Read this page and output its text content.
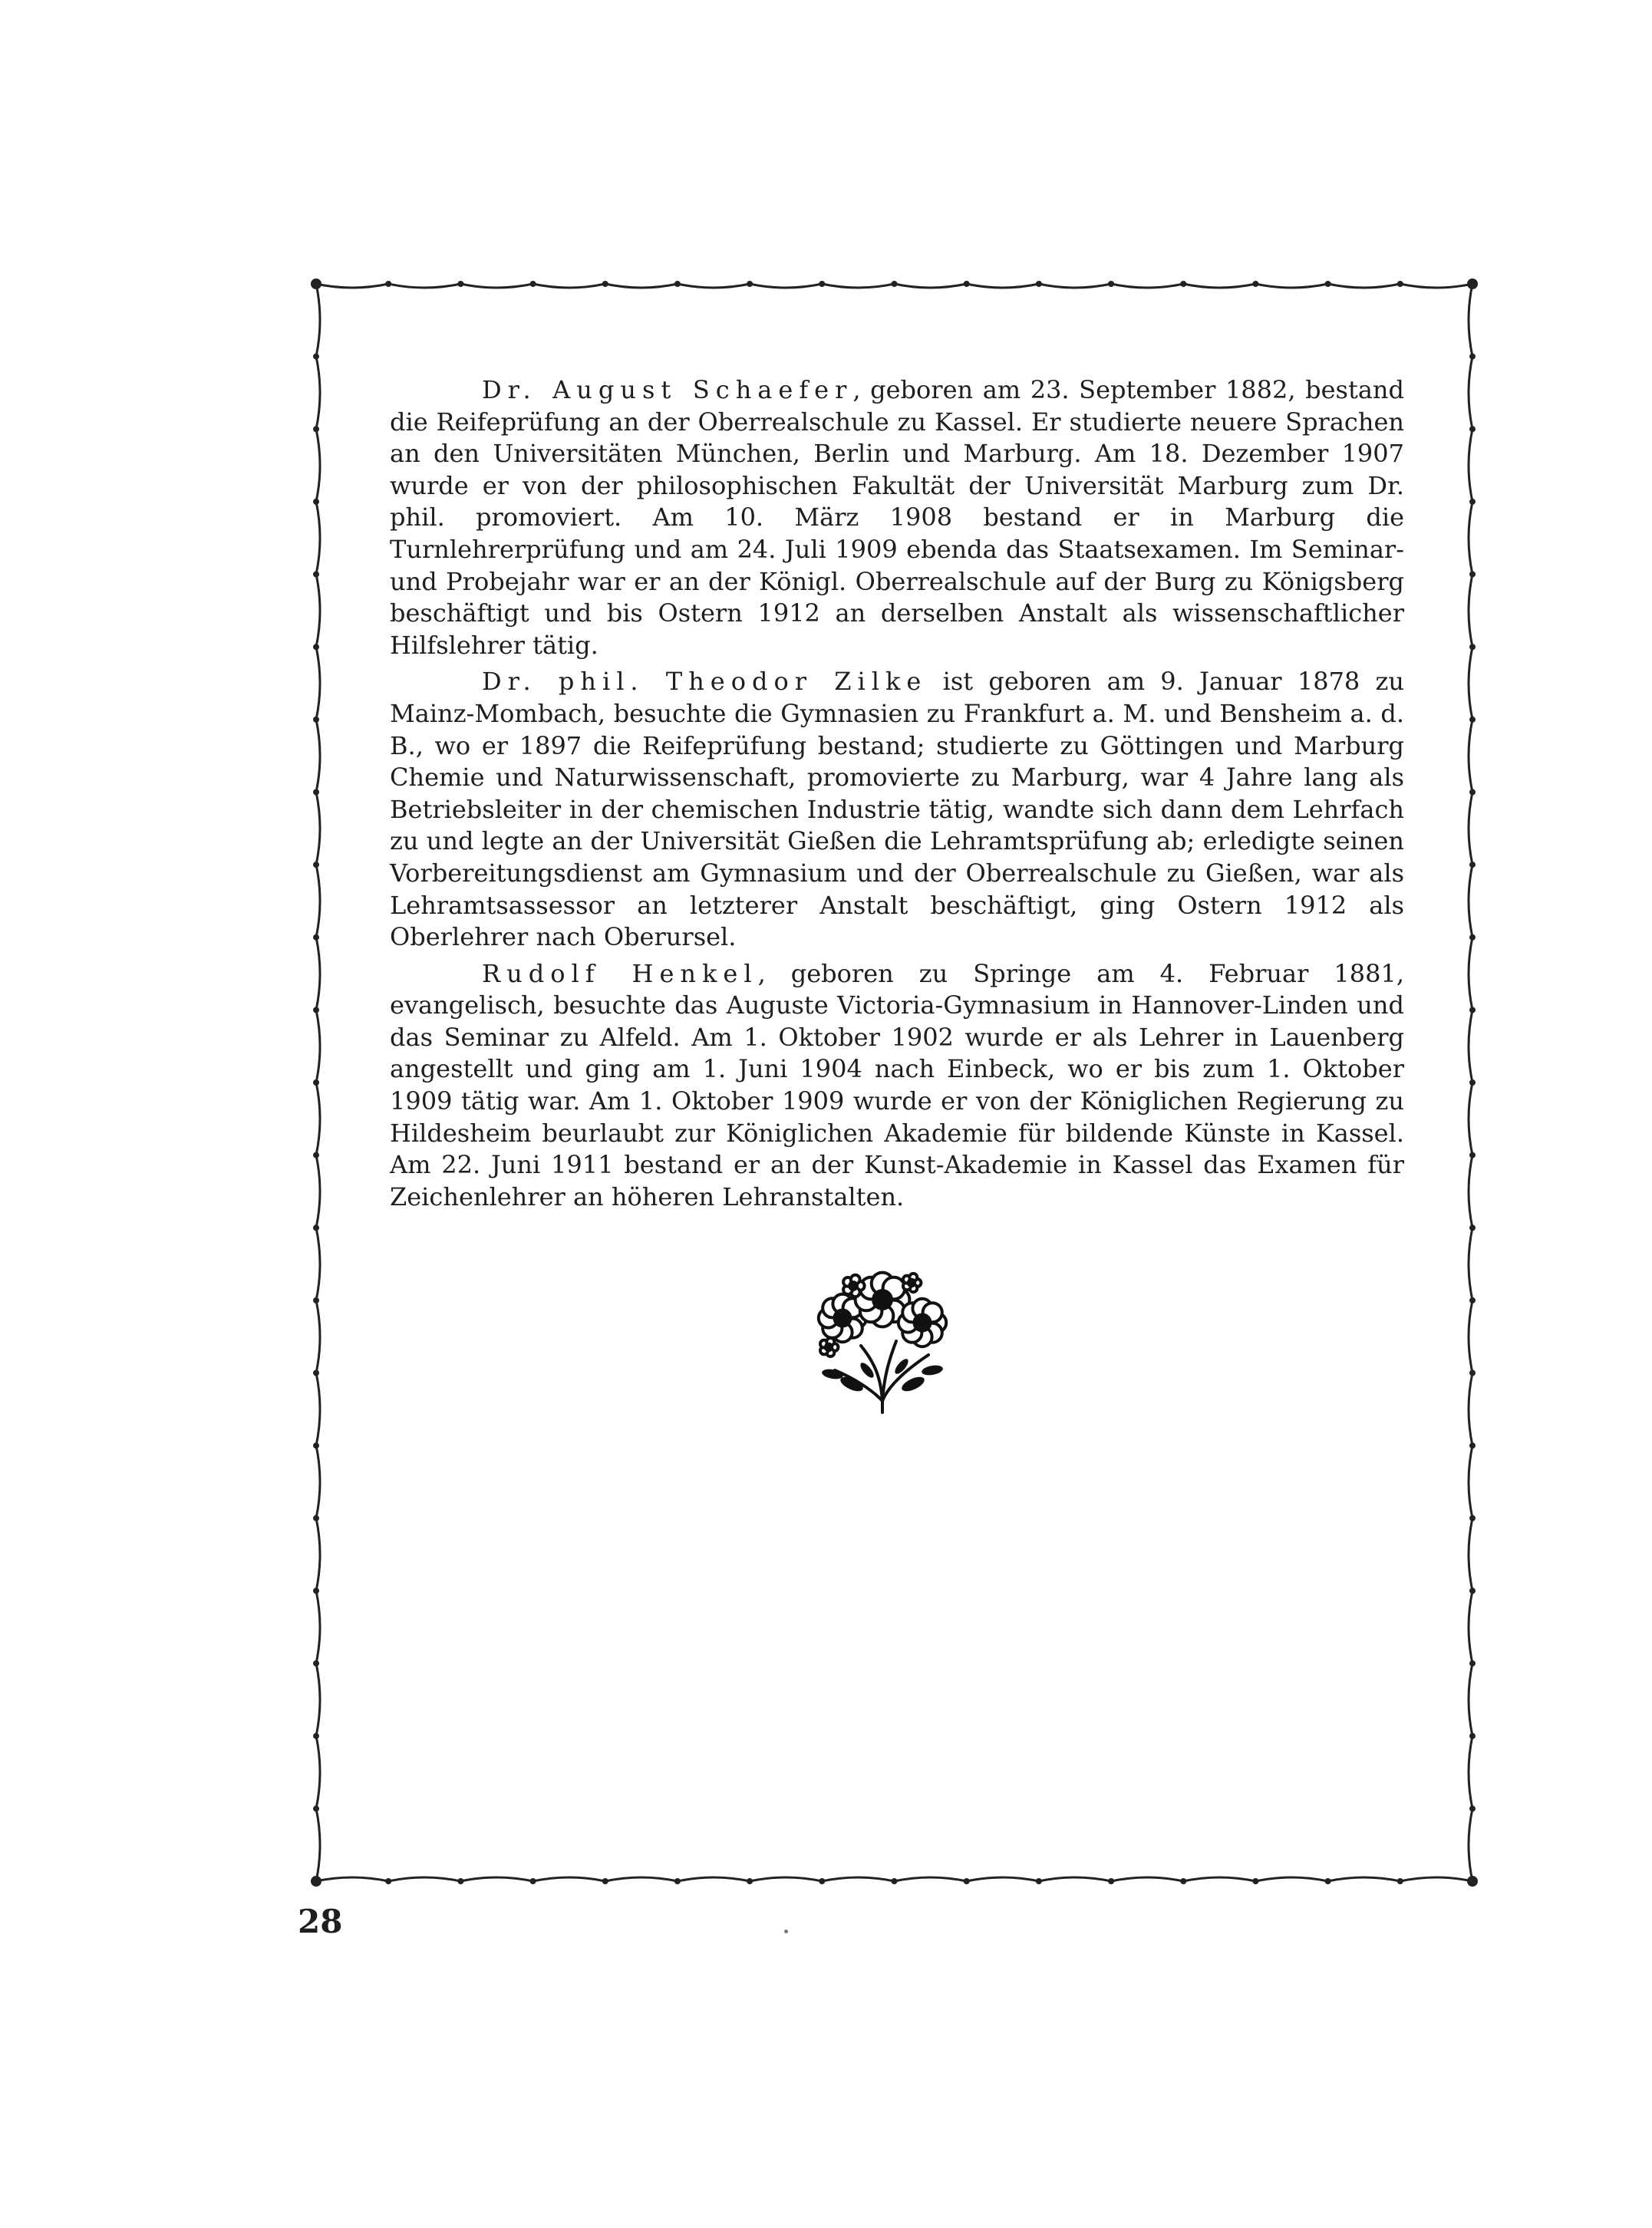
Dr. August Schaefer, geboren am 23. September 1882, bestand die Reifeprüfung an der Oberrealschule zu Kassel. Er studierte neuere Sprachen an den Universitäten München, Berlin und Marburg. Am 18. Dezember 1907 wurde er von der philosophischen Fakultät der Universität Marburg zum Dr. phil. promoviert. Am 10. März 1908 bestand er in Marburg die Turnlehrerprüfung und am 24. Juli 1909 ebenda das Staatsexamen. Im Seminar- und Probejahr war er an der Königl. Oberrealschule auf der Burg zu Königsberg beschäftigt und bis Ostern 1912 an derselben Anstalt als wissenschaftlicher Hilfslehrer tätig.

Dr. phil. Theodor Zilke ist geboren am 9. Januar 1878 zu Mainz-Mombach, besuchte die Gymnasien zu Frankfurt a. M. und Bensheim a. d. B., wo er 1897 die Reifeprüfung bestand; studierte zu Göttingen und Marburg Chemie und Naturwissenschaft, promovierte zu Marburg, war 4 Jahre lang als Betriebsleiter in der chemischen Industrie tätig, wandte sich dann dem Lehrfach zu und legte an der Universität Gießen die Lehramtsprüfung ab; erledigte seinen Vorbereitungsdienst am Gymnasium und der Oberrealschule zu Gießen, war als Lehramtsassessor an letzterer Anstalt beschäftigt, ging Ostern 1912 als Oberlehrer nach Oberursel.

Rudolf Henkel, geboren zu Springe am 4. Februar 1881, evangelisch, besuchte das Auguste Victoria-Gymnasium in Hannover-Linden und das Seminar zu Alfeld. Am 1. Oktober 1902 wurde er als Lehrer in Lauenberg angestellt und ging am 1. Juni 1904 nach Einbeck, wo er bis zum 1. Oktober 1909 tätig war. Am 1. Oktober 1909 wurde er von der Königlichen Regierung zu Hildesheim beurlaubt zur Königlichen Akademie für bildende Künste in Kassel. Am 22. Juni 1911 bestand er an der Kunst-Akademie in Kassel das Examen für Zeichenlehrer an höheren Lehranstalten.

28
